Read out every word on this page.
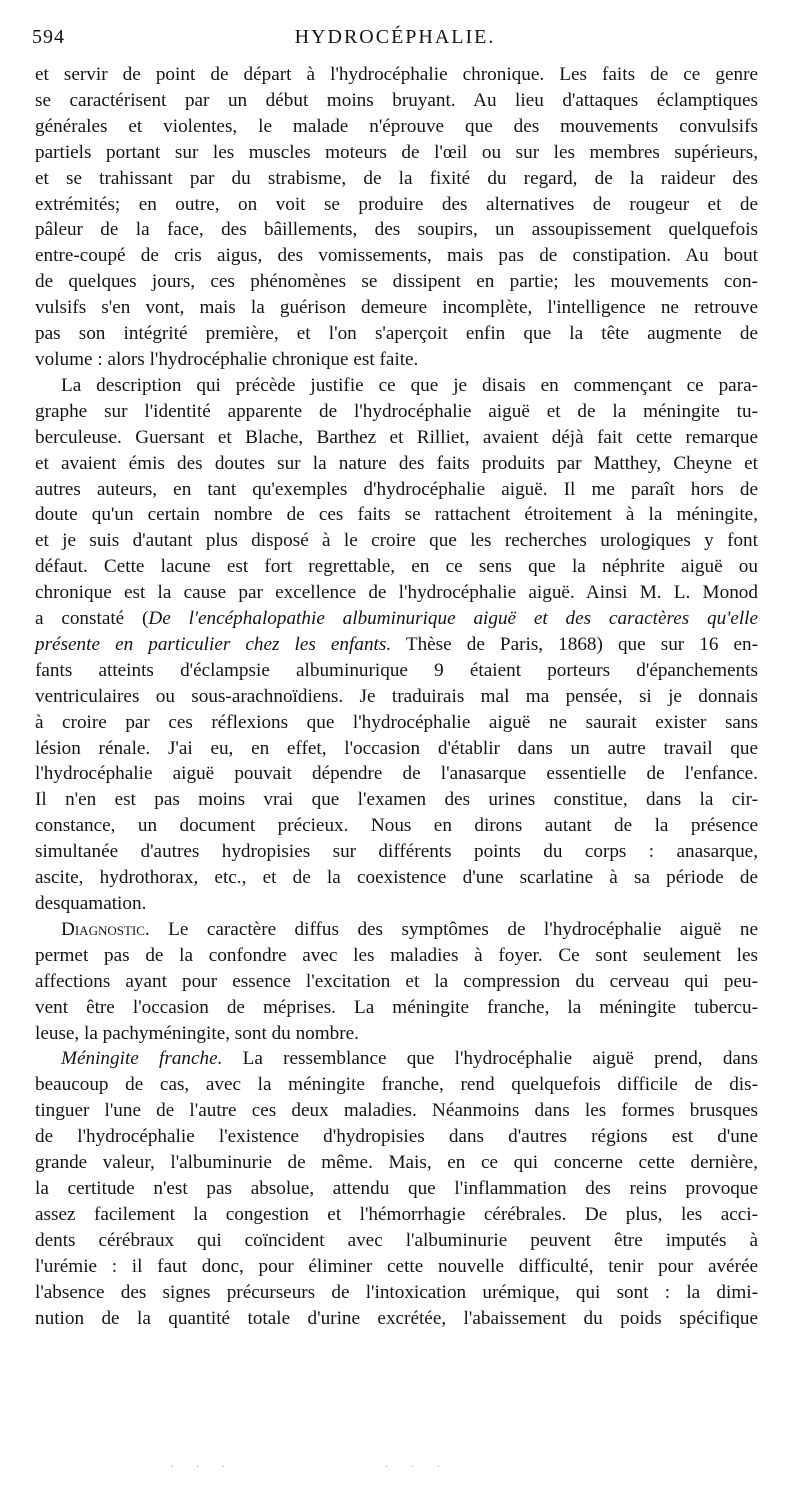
594	HYDROCÉPHALIE.

et servir de point de départ à l'hydrocéphalie chronique. Les faits de ce genre
se caractérisent par un début moins bruyant. Au lieu d'attaques éclamptiques
générales et violentes, le malade n'éprouve que des mouvements convulsifs
partiels portant sur les muscles moteurs de l'œil ou sur les membres supérieurs,
et se trahissant par du strabisme, de la fixité du regard, de la raideur des
extrémités; en outre, on voit se produire des alternatives de rougeur et de
pâleur de la face, des bâillements, des soupirs, un assoupissement quelquefois
entre-coupé de cris aigus, des vomissements, mais pas de constipation. Au bout
de quelques jours, ces phénomènes se dissipent en partie; les mouvements con-
vulsifs s'en vont, mais la guérison demeure incomplète, l'intelligence ne retrouve
pas son intégrité première, et l'on s'aperçoit enfin que la tête augmente de
volume : alors l'hydrocéphalie chronique est faite.

La description qui précède justifie ce que je disais en commençant ce para-
graphe sur l'identité apparente de l'hydrocéphalie aiguë et de la méningite tu-
berculeuse. Guersant et Blache, Barthez et Rilliet, avaient déjà fait cette remarque
et avaient émis des doutes sur la nature des faits produits par Matthey, Cheyne et
autres auteurs, en tant qu'exemples d'hydrocéphalie aiguë. Il me paraît hors de
doute qu'un certain nombre de ces faits se rattachent étroitement à la méningite,
et je suis d'autant plus disposé à le croire que les recherches urologiques y font
défaut. Cette lacune est fort regrettable, en ce sens que la néphrite aiguë ou
chronique est la cause par excellence de l'hydrocéphalie aiguë. Ainsi M. L. Monod
a constaté (De l'encéphalopathie albuminurique aiguë et des caractères qu'elle
présente en particulier chez les enfants. Thèse de Paris, 1868) que sur 16 en-
fants atteints d'éclampsie albuminurique 9 étaient porteurs d'épanchements
ventriculaires ou sous-arachnoïdiens. Je traduirais mal ma pensée, si je donnais
à croire par ces réflexions que l'hydrocéphalie aiguë ne saurait exister sans
lésion rénale. J'ai eu, en effet, l'occasion d'établir dans un autre travail que
l'hydrocéphalie aiguë pouvait dépendre de l'anasarque essentielle de l'enfance.
Il n'en est pas moins vrai que l'examen des urines constitue, dans la cir-
constance, un document précieux. Nous en dirons autant de la présence
simultanée d'autres hydropisies sur différents points du corps : anasarque,
ascite, hydrothorax, etc., et de la coexistence d'une scarlatine à sa période de
desquamation.

Diagnostic. Le caractère diffus des symptômes de l'hydrocéphalie aiguë ne
permet pas de la confondre avec les maladies à foyer. Ce sont seulement les
affections ayant pour essence l'excitation et la compression du cerveau qui peu-
vent être l'occasion de méprises. La méningite franche, la méningite tubercu-
leuse, la pachyméningite, sont du nombre.

Méningite franche. La ressemblance que l'hydrocéphalie aiguë prend, dans
beaucoup de cas, avec la méningite franche, rend quelquefois difficile de dis-
tinguer l'une de l'autre ces deux maladies. Néanmoins dans les formes brusques
de l'hydrocéphalie l'existence d'hydropisies dans d'autres régions est d'une
grande valeur, l'albuminurie de même. Mais, en ce qui concerne cette dernière,
la certitude n'est pas absolue, attendu que l'inflammation des reins provoque
assez facilement la congestion et l'hémorrhagie cérébrales. De plus, les acci-
dents cérébraux qui coïncident avec l'albuminurie peuvent être imputés à
l'urémie : il faut donc, pour éliminer cette nouvelle difficulté, tenir pour avérée
l'absence des signes précurseurs de l'intoxication urémique, qui sont : la dimi-
nution de la quantité totale d'urine excrétée, l'abaissement du poids spécifique

· · ·            · · ·
